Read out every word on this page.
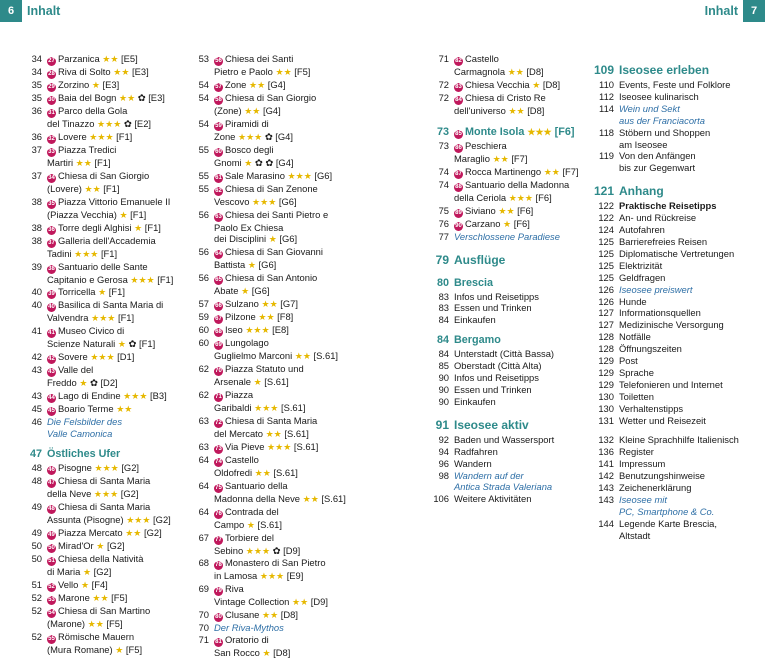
6	Inhalt	Inhalt	7
34	27 Parzanica ★★ [E5]
34	28 Riva di Solto ★★ [E3]
35	29 Zorzino ★ [E3]
35	30 Baia del Bogn ★★ ✿ [E3]
36	31 Parco della Gola
del Tinazzo ★★★ ✿ [E2]
36	32 Lovere ★★★ [F1]
37	33 Piazza Tredici
Martiri ★★ [F1]
37	34 Chiesa di San Giorgio
(Lovere) ★★ [F1]
38	35 Piazza Vittorio Emanuele II
(Piazza Vecchia) ★ [F1]
38	36 Torre degli Alghisi ★ [F1]
38	37 Galleria dell'Accademia
Tadini ★★★ [F1]
39	38 Santuario delle Sante
Capitanio e Gerosa ★★★ [F1]
40	39 Torricella ★ [F1]
40	40 Basilica di Santa Maria di
Valvendra ★★★ [F1]
41	41 Museo Civico di
Scienze Naturali ★ ✿ [F1]
42	42 Sovere ★★★ [D1]
43	43 Valle del
Freddo ★ ✿ [D2]
43	44 Lago di Endine ★★★ [B3]
45	45 Boario Terme ★★
46 Die Felsbilder des
Valle Camonica
47 Östliches Ufer
48	46 Pisogne ★★★ [G2]
48	47 Chiesa di Santa Maria
della Neve ★★★ [G2]
49	48 Chiesa di Santa Maria
Assunta (Pisogne) ★★★ [G2]
49	49 Piazza Mercato ★★ [G2]
50	50 Mirad'Or ★ [G2]
50	51 Chiesa della Natività
di Maria ★ [G2]
51	52 Vello ★ [F4]
52	53 Marone ★★ [F5]
52	54 Chiesa di San Martino
(Marone) ★★ [F5]
52	55 Römische Mauern
(Mura Romane) ★ [F5]
53	56 Chiesa dei Santi
Pietro e Paolo ★★ [F5]
54	57 Zone ★★ [G4]
54	58 Chiesa di San Giorgio
(Zone) ★★ [G4]
54	59 Piramidi di
Zone ★★★ ✿ [G4]
55	60 Bosco degli
Gnomi ★ ✿ ✿ [G4]
55	61 Sale Marasino ★★★ [G6]
55	62 Chiesa di San Zenone
Vescovo ★★★ [G6]
56	63 Chiesa dei Santi Pietro e
Paolo Ex Chiesa
dei Disciplini ★ [G6]
56	64 Chiesa di San Giovanni
Battista ★ [G6]
56	65 Chiesa di San Antonio
Abate ★ [G6]
57	66 Sulzano ★★ [G7]
59	67 Pilzone ★★ [F8]
60	68 Iseo ★★★ [E8]
60	69 Lungolago
Guglielmo Marconi ★★ [S.61]
62	70 Piazza Statuto und
Arsenale ★ [S.61]
62	71 Piazza
Garibaldi ★★★ [S.61]
63	72 Chiesa di Santa Maria
del Mercato ★★ [S.61]
63	73 Via Pieve ★★★ [S.61]
64	74 Castello
Oldofredi ★★ [S.61]
64	75 Santuario della
Madonna della Neve ★★ [S.61]
64	76 Contrada del
Campo ★ [S.61]
67	77 Torbiere del
Sebino ★★★ ✿ [D9]
68	78 Monastero di San Pietro
in Lamosa ★★★ [E9]
69	79 Riva
Vintage Collection ★★ [D9]
70	80 Clusane ★★ [D8]
70 Der Riva-Mythos
71	81 Oratorio di
San Rocco ★ [D8]
71	82 Castello
Carmagnola ★★ [D8]
72	83 Chiesa Vecchia ★ [D8]
72	84 Chiesa di Cristo Re
dell'universo ★★ [D8]
73	85 Monte Isola ★★★ [F6]
73	86 Peschiera
Maraglio ★★ [F7]
74	87 Rocca Martinengo ★★ [F7]
74	88 Santuario della Madonna
della Ceriola ★★★ [F6]
75	89 Siviano ★★ [F6]
76	90 Carzano ★ [F6]
77 Verschlossene Paradiese
79 Ausflüge
80 Brescia
83 Infos und Reisetipps
83 Essen und Trinken
84 Einkaufen
84 Bergamo
84 Unterstadt (Città Bassa)
85 Oberstadt (Città Alta)
90 Infos und Reisetipps
90 Essen und Trinken
90 Einkaufen
91 Iseosee aktiv
92 Baden und Wassersport
94 Radfahren
96 Wandern
98 Wandern auf der
Antica Strada Valeriana
106 Weitere Aktivitäten
109 Iseosee erleben
110 Events, Feste und Folklore
112 Iseosee kulinarisch
114 Wein und Sekt
aus der Franciacorta
118 Stöbern und Shoppen
am Iseosee
119 Von den Anfängen
bis zur Gegenwart
121 Anhang
122 Praktische Reisetipps
122 An- und Rückreise
124 Autofahren
125 Barrierefreies Reisen
125 Diplomatische Vertretungen
125 Elektrizität
125 Geldfragen
126 Iseosee preiswert
126 Hunde
127 Informationsquellen
127 Medizinische Versorgung
128 Notfälle
128 Öffnungszeiten
129 Post
129 Sprache
129 Telefonieren und Internet
130 Toiletten
130 Verhaltenstipps
131 Wetter und Reisezeit
132 Kleine Sprachhilfe Italienisch
136 Register
141 Impressum
142 Benutzungshinweise
143 Zeichenerklärung
143 Iseosee mit
PC, Smartphone & Co.
144 Legende Karte Brescia,
Altstadt
